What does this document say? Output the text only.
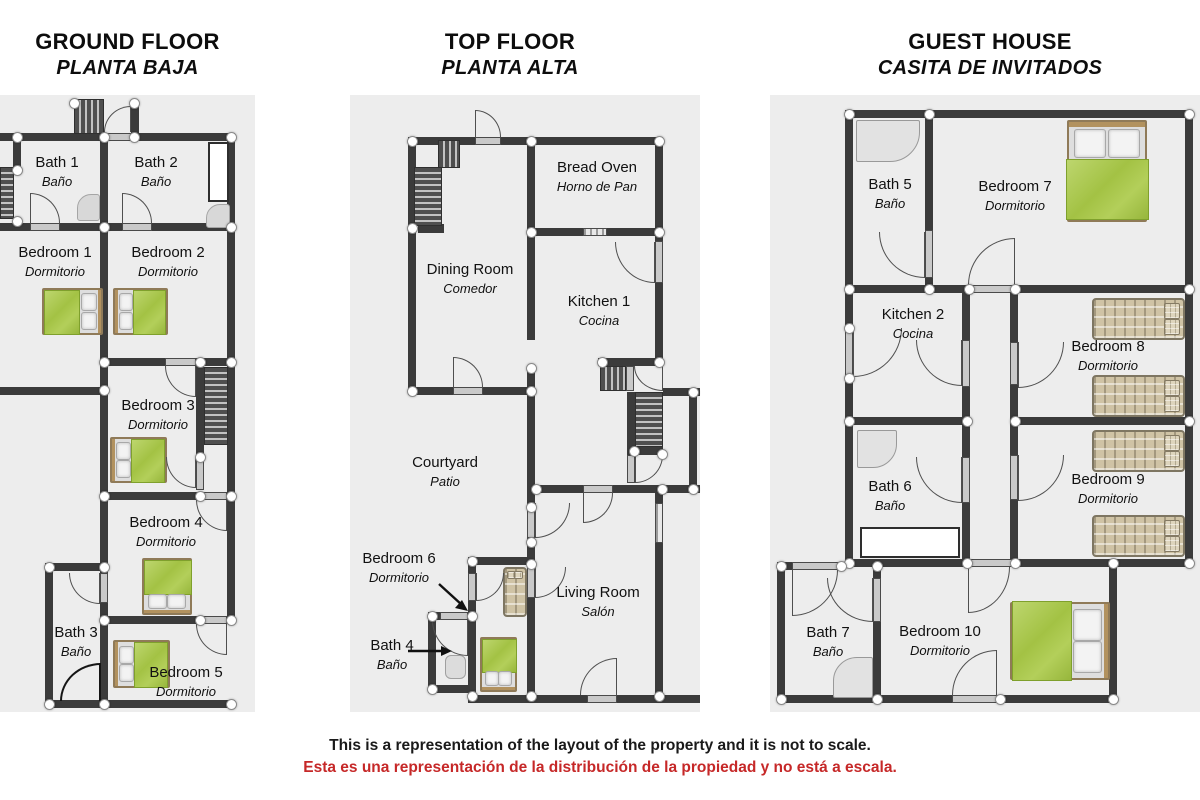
GROUND FLOOR
PLANTA BAJA
TOP FLOOR
PLANTA ALTA
GUEST HOUSE
CASITA DE INVITADOS
Bath 1
Baño
Bath 2
Baño
Bedroom 1
Dormitorio
Bedroom 2
Dormitorio
Bedroom 3
Dormitorio
Bedroom 4
Dormitorio
Bath 3
Baño
Bedroom 5
Dormitorio
Bread Oven
Horno de Pan
Dining Room
Comedor
Kitchen 1
Cocina
Courtyard
Patio
Bedroom 6
Dormitorio
Bath 4
Baño
Living Room
Salón
Bath 5
Baño
Bedroom 7
Dormitorio
Kitchen 2
Cocina
Bedroom 8
Dormitorio
Bath 6
Baño
Bedroom 9
Dormitorio
Bath 7
Baño
Bedroom 10
Dormitorio
This is a representation of the layout of the property and it is not to scale.
Esta es una representación de la distribución de la propiedad y no está a escala.
